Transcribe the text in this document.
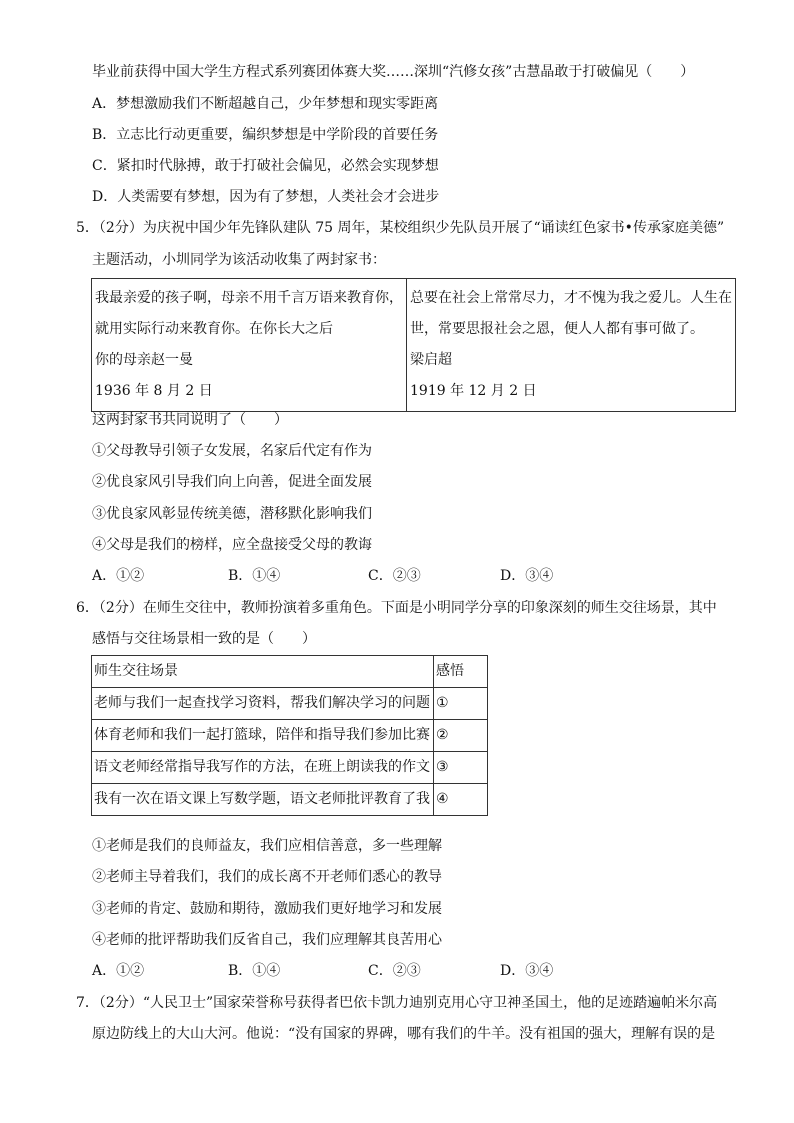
毕业前获得中国大学生方程式系列赛团体赛大奖……深圳“汽修女孩”古慧晶敢于打破偏见（　　）
A．梦想激励我们不断超越自己，少年梦想和现实零距离
B．立志比行动更重要，编织梦想是中学阶段的首要任务
C．紧扣时代脉搏，敢于打破社会偏见，必然会实现梦想
D．人类需要有梦想，因为有了梦想，人类社会才会进步
5．（2分）为庆祝中国少年先锋队建队 75 周年，某校组织少先队员开展了“诵读红色家书•传承家庭美德”
主题活动，小圳同学为该活动收集了两封家书：
我最亲爱的孩子啊，母亲不用千言万语来教育你，
就用实际行动来教育你。在你长大之后
你的母亲赵一曼
1936 年 8 月 2 日

总要在社会上常常尽力，才不愧为我之爱儿。人生在
世，常要思报社会之恩，便人人都有事可做了。
梁启超
1919 年 12 月 2 日
这两封家书共同说明了（　　）
①父母教导引领子女发展，名家后代定有作为
②优良家风引导我们向上向善，促进全面发展
③优良家风彰显传统美德，潜移默化影响我们
④父母是我们的榜样，应全盘接受父母的教诲
A．①②	B．①④	C．②③	D．③④
6．（2分）在师生交往中，教师扮演着多重角色。下面是小明同学分享的印象深刻的师生交往场景，其中
感悟与交往场景相一致的是（　　）
师生交往场景	感悟
老师与我们一起查找学习资料，帮我们解决学习的问题	①
体育老师和我们一起打篮球，陪伴和指导我们参加比赛	②
语文老师经常指导我写作的方法，在班上朗读我的作文	③
我有一次在语文课上写数学题，语文老师批评教育了我	④
①老师是我们的良师益友，我们应相信善意，多一些理解
②老师主导着我们，我们的成长离不开老师们悉心的教导
③老师的肯定、鼓励和期待，激励我们更好地学习和发展
④老师的批评帮助我们反省自己，我们应理解其良苦用心
A．①②	B．①④	C．②③	D．③④
7．（2分）“人民卫士”国家荣誉称号获得者巴依卡凯力迪别克用心守卫神圣国土，他的足迹踏遍帕米尔高
原边防线上的大山大河。他说：“没有国家的界碑，哪有我们的牛羊。没有祖国的强大，理解有误的是
